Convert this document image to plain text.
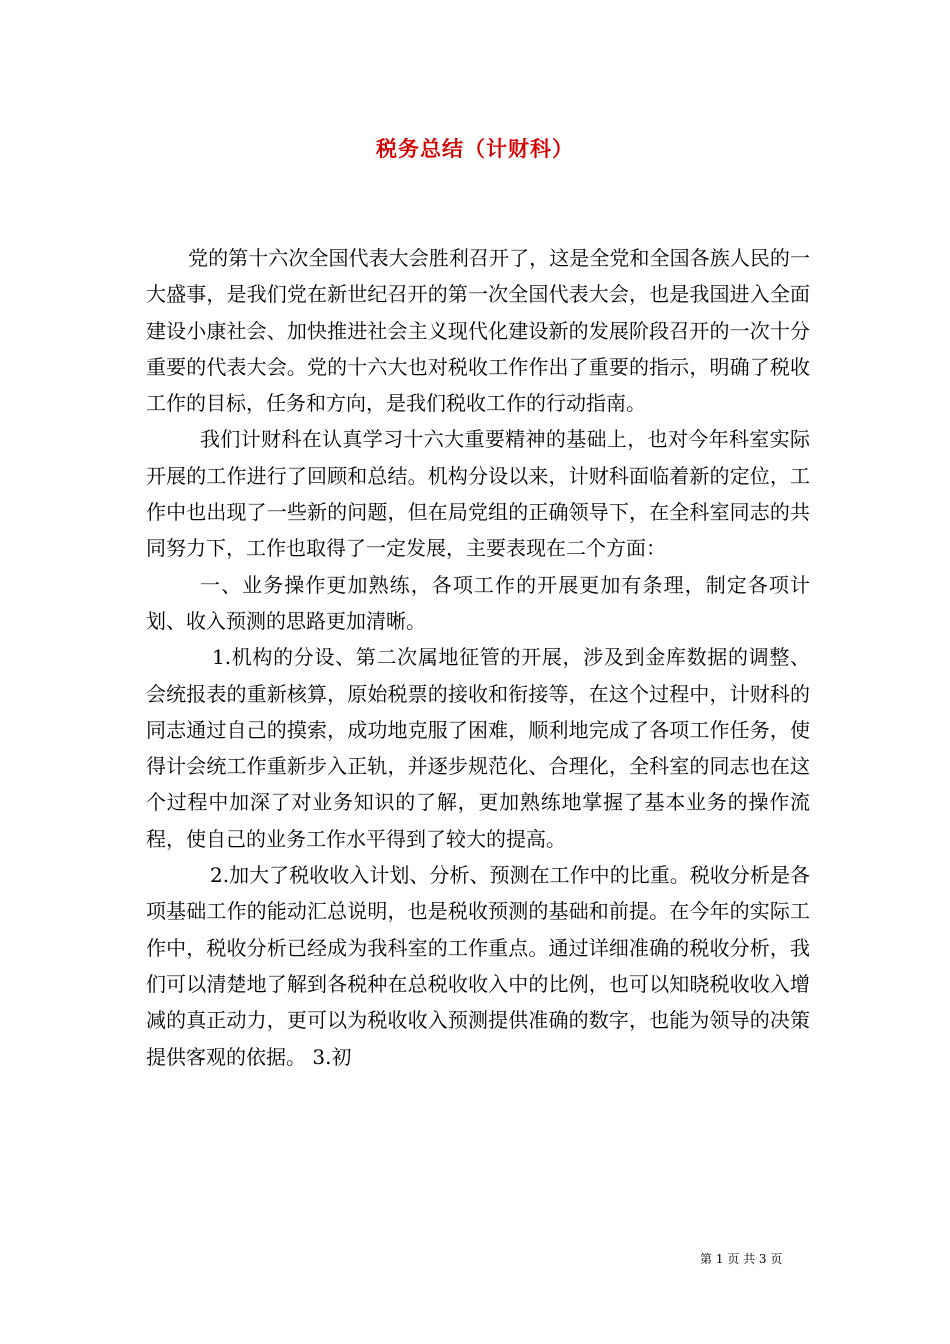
税务总结（计财科）

党的第十六次全国代表大会胜利召开了，这是全党和全国各族人民的一大盛事，是我们党在新世纪召开的第一次全国代表大会，也是我国进入全面建设小康社会、加快推进社会主义现代化建设新的发展阶段召开的一次十分重要的代表大会。党的十六大也对税收工作作出了重要的指示，明确了税收工作的目标，任务和方向，是我们税收工作的行动指南。

我们计财科在认真学习十六大重要精神的基础上，也对今年科室实际开展的工作进行了回顾和总结。机构分设以来，计财科面临着新的定位，工作中也出现了一些新的问题，但在局党组的正确领导下，在全科室同志的共同努力下，工作也取得了一定发展，主要表现在二个方面：

一、业务操作更加熟练，各项工作的开展更加有条理，制定各项计划、收入预测的思路更加清晰。

1.机构的分设、第二次属地征管的开展，涉及到金库数据的调整、会统报表的重新核算，原始税票的接收和衔接等，在这个过程中，计财科的同志通过自己的摸索，成功地克服了困难，顺利地完成了各项工作任务，使得计会统工作重新步入正轨，并逐步规范化、合理化，全科室的同志也在这个过程中加深了对业务知识的了解，更加熟练地掌握了基本业务的操作流程，使自己的业务工作水平得到了较大的提高。

2.加大了税收收入计划、分析、预测在工作中的比重。税收分析是各项基础工作的能动汇总说明，也是税收预测的基础和前提。在今年的实际工作中，税收分析已经成为我科室的工作重点。通过详细准确的税收分析，我们可以清楚地了解到各税种在总税收收入中的比例，也可以知晓税收收入增减的真正动力，更可以为税收收入预测提供准确的数字，也能为领导的决策提供客观的依据。 3.初

第 1 页 共 3 页
